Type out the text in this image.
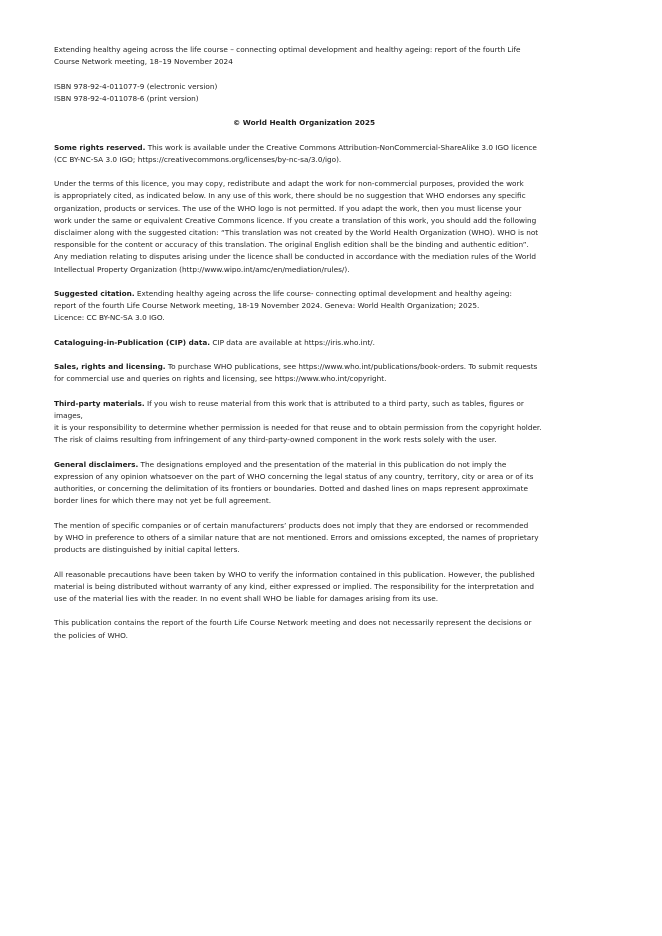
Extending healthy ageing across the life course – connecting optimal development and healthy ageing: report of the fourth Life
Course Network meeting, 18–19 November 2024

ISBN 978-92-4-011077-9 (electronic version)
ISBN 978-92-4-011078-6 (print version)

© World Health Organization 2025

Some rights reserved. This work is available under the Creative Commons Attribution-NonCommercial-ShareAlike 3.0 IGO licence
(CC BY-NC-SA 3.0 IGO; https://creativecommons.org/licenses/by-nc-sa/3.0/igo).

Under the terms of this licence, you may copy, redistribute and adapt the work for non-commercial purposes, provided the work
is appropriately cited, as indicated below. In any use of this work, there should be no suggestion that WHO endorses any specific
organization, products or services. The use of the WHO logo is not permitted. If you adapt the work, then you must license your
work under the same or equivalent Creative Commons licence. If you create a translation of this work, you should add the following
disclaimer along with the suggested citation: “This translation was not created by the World Health Organization (WHO). WHO is not
responsible for the content or accuracy of this translation. The original English edition shall be the binding and authentic edition”.
Any mediation relating to disputes arising under the licence shall be conducted in accordance with the mediation rules of the World
Intellectual Property Organization (http://www.wipo.int/amc/en/mediation/rules/).

Suggested citation. Extending healthy ageing across the life course- connecting optimal development and healthy ageing:
report of the fourth Life Course Network meeting, 18-19 November 2024. Geneva: World Health Organization; 2025.
Licence: CC BY-NC-SA 3.0 IGO.

Cataloguing-in-Publication (CIP) data. CIP data are available at https://iris.who.int/.

Sales, rights and licensing. To purchase WHO publications, see https://www.who.int/publications/book-orders. To submit requests
for commercial use and queries on rights and licensing, see https://www.who.int/copyright.

Third-party materials. If you wish to reuse material from this work that is attributed to a third party, such as tables, figures or images,
it is your responsibility to determine whether permission is needed for that reuse and to obtain permission from the copyright holder.
The risk of claims resulting from infringement of any third-party-owned component in the work rests solely with the user.

General disclaimers. The designations employed and the presentation of the material in this publication do not imply the
expression of any opinion whatsoever on the part of WHO concerning the legal status of any country, territory, city or area or of its
authorities, or concerning the delimitation of its frontiers or boundaries. Dotted and dashed lines on maps represent approximate
border lines for which there may not yet be full agreement.

The mention of specific companies or of certain manufacturers’ products does not imply that they are endorsed or recommended
by WHO in preference to others of a similar nature that are not mentioned. Errors and omissions excepted, the names of proprietary
products are distinguished by initial capital letters.

All reasonable precautions have been taken by WHO to verify the information contained in this publication. However, the published
material is being distributed without warranty of any kind, either expressed or implied. The responsibility for the interpretation and
use of the material lies with the reader. In no event shall WHO be liable for damages arising from its use.

This publication contains the report of the fourth Life Course Network meeting and does not necessarily represent the decisions or
the policies of WHO.
